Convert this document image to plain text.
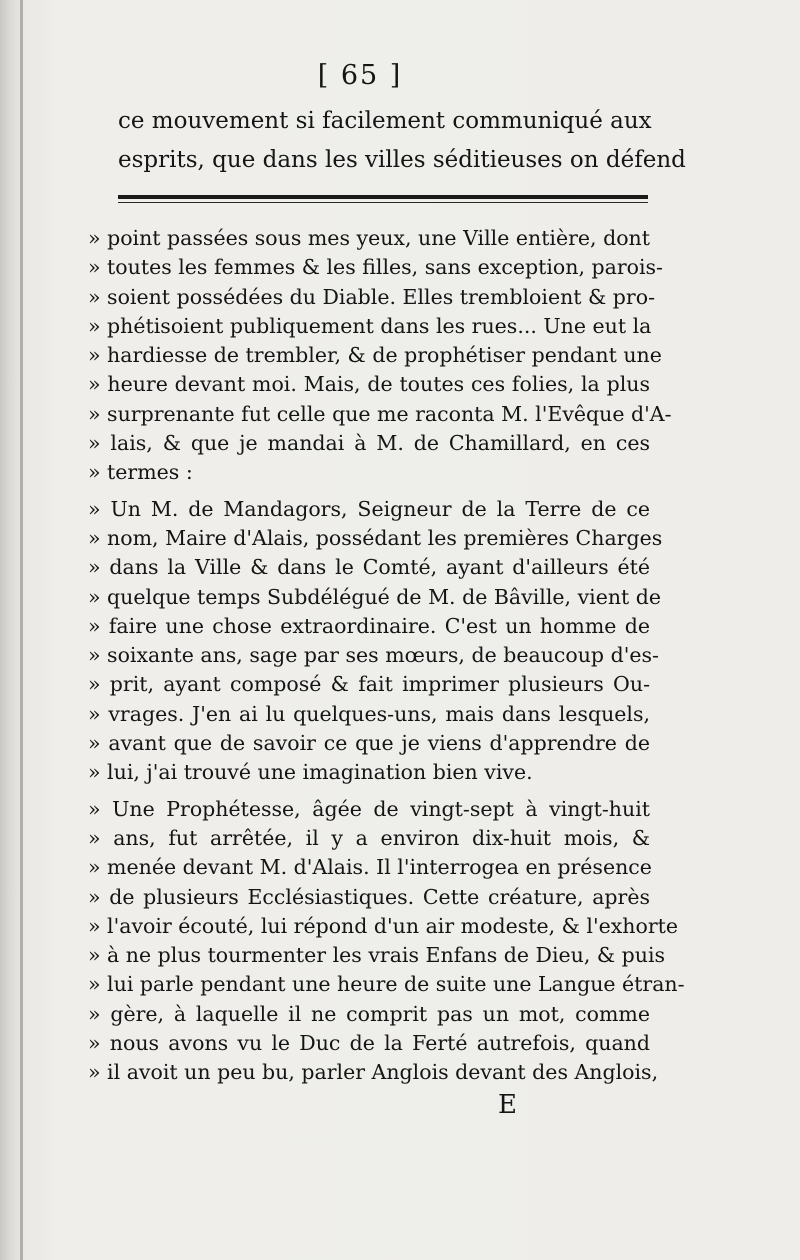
[ 65 ]
ce mouvement si facilement communiqué aux
esprits, que dans les villes séditieuses on défend
» point passées sous mes yeux, une Ville entière, dont
» toutes les femmes & les filles, sans exception, parois-
» soient possédées du Diable. Elles trembloient & pro-
» phétisoient publiquement dans les rues... Une eut la
» hardiesse de trembler, & de prophétiser pendant une
» heure devant moi. Mais, de toutes ces folies, la plus
» surprenante fut celle que me raconta M. l'Evêque d'A-
» lais, & que je mandai à M. de Chamillard, en ces
» termes :
» Un M. de Mandagors, Seigneur de la Terre de ce
» nom, Maire d'Alais, possédant les premières Charges
» dans la Ville & dans le Comté, ayant d'ailleurs été
» quelque temps Subdélégué de M. de Bâville, vient de
» faire une chose extraordinaire. C'est un homme de
» soixante ans, sage par ses mœurs, de beaucoup d'es-
» prit, ayant composé & fait imprimer plusieurs Ou-
» vrages. J'en ai lu quelques-uns, mais dans lesquels,
» avant que de savoir ce que je viens d'apprendre de
» lui, j'ai trouvé une imagination bien vive.
» Une Prophétesse, âgée de vingt-sept à vingt-huit
» ans, fut arrêtée, il y a environ dix-huit mois, &
» menée devant M. d'Alais. Il l'interrogea en présence
» de plusieurs Ecclésiastiques. Cette créature, après
» l'avoir écouté, lui répond d'un air modeste, & l'exhorte
» à ne plus tourmenter les vrais Enfans de Dieu, & puis
» lui parle pendant une heure de suite une Langue étran-
» gère, à laquelle il ne comprit pas un mot, comme
» nous avons vu le Duc de la Ferté autrefois, quand
» il avoit un peu bu, parler Anglois devant des Anglois,
E
